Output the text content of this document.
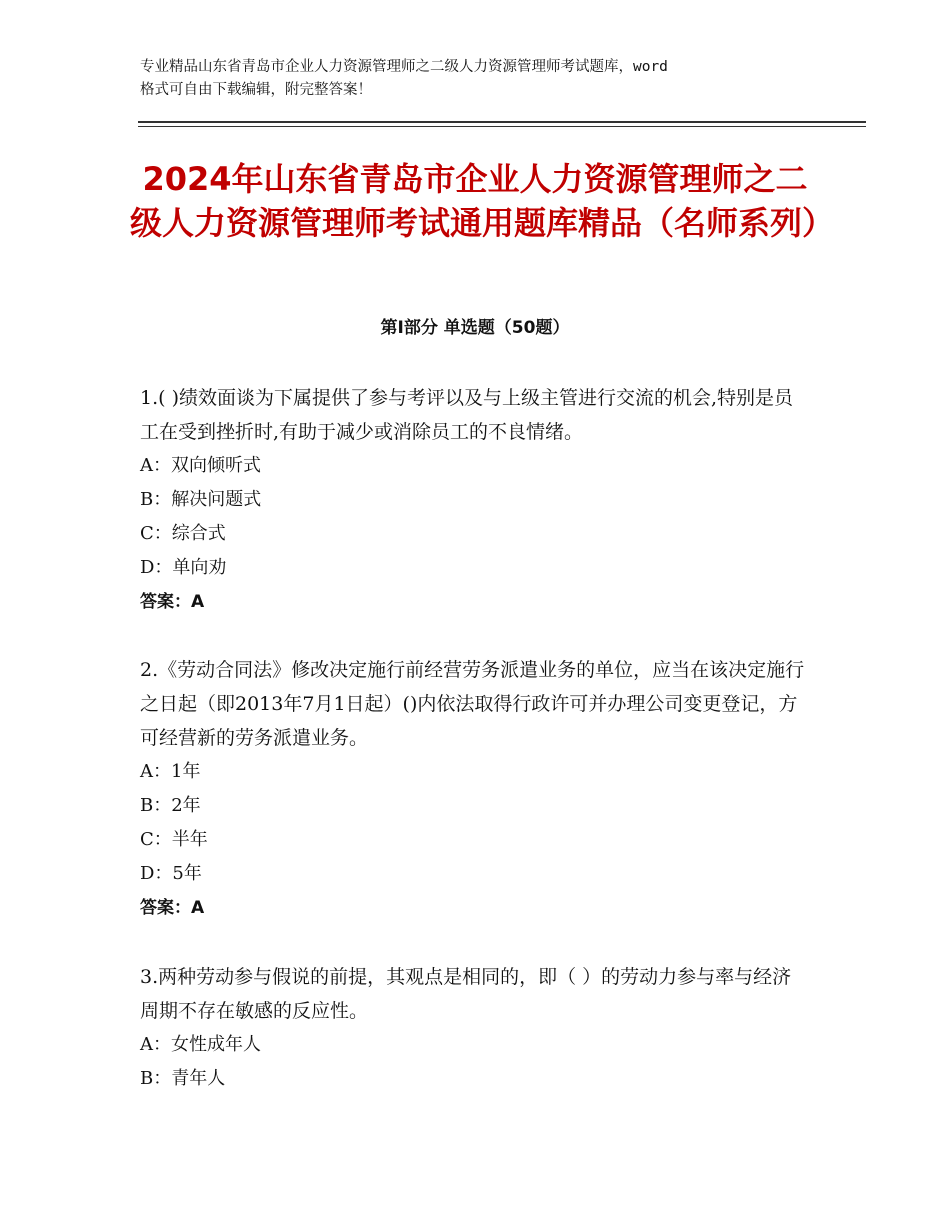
专业精品山东省青岛市企业人力资源管理师之二级人力资源管理师考试题库，word
格式可自由下载编辑，附完整答案！
2024年山东省青岛市企业人力资源管理师之二级人力资源管理师考试通用题库精品（名师系列）
第Ⅰ部分 单选题（50题）

1.( )绩效面谈为下属提供了参与考评以及与上级主管进行交流的机会,特别是员工在受到挫折时,有助于减少或消除员工的不良情绪。

A：双向倾听式

B：解决问题式

C：综合式

D：单向劝

答案：A

2.《劳动合同法》修改决定施行前经营劳务派遣业务的单位，应当在该决定施行之日起（即2013年7月1日起）()内依法取得行政许可并办理公司变更登记，方可经营新的劳务派遣业务。

A：1年

B：2年

C：半年

D：5年

答案：A

3.两种劳动参与假说的前提，其观点是相同的，即（ ）的劳动力参与率与经济周期不存在敏感的反应性。

A：女性成年人

B：青年人
